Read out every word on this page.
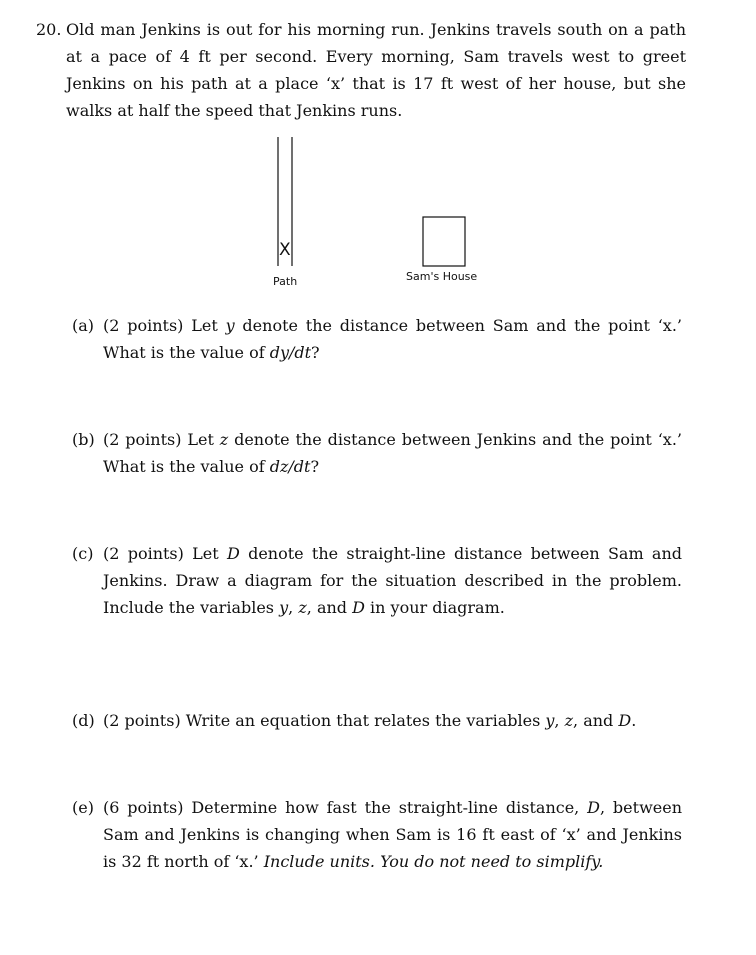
20. Old man Jenkins is out for his morning run. Jenkins travels south on a path at a pace of 4 ft per second. Every morning, Sam travels west to greet Jenkins on his path at a place ‘x’ that is 17 ft west of her house, but she walks at half the speed that Jenkins runs.
X
Path	Sam's House
(a) (2 points) Let y denote the distance between Sam and the point ‘x.’ What is the value of dy/dt?
(b) (2 points) Let z denote the distance between Jenkins and the point ‘x.’ What is the value of dz/dt?
(c) (2 points) Let D denote the straight-line distance between Sam and Jenkins. Draw a diagram for the situation described in the problem. Include the variables y, z, and D in your diagram.
(d) (2 points) Write an equation that relates the variables y, z, and D.
(e) (6 points) Determine how fast the straight-line distance, D, between Sam and Jenkins is changing when Sam is 16 ft east of ‘x’ and Jenkins is 32 ft north of ‘x.’ Include units. You do not need to simplify.
